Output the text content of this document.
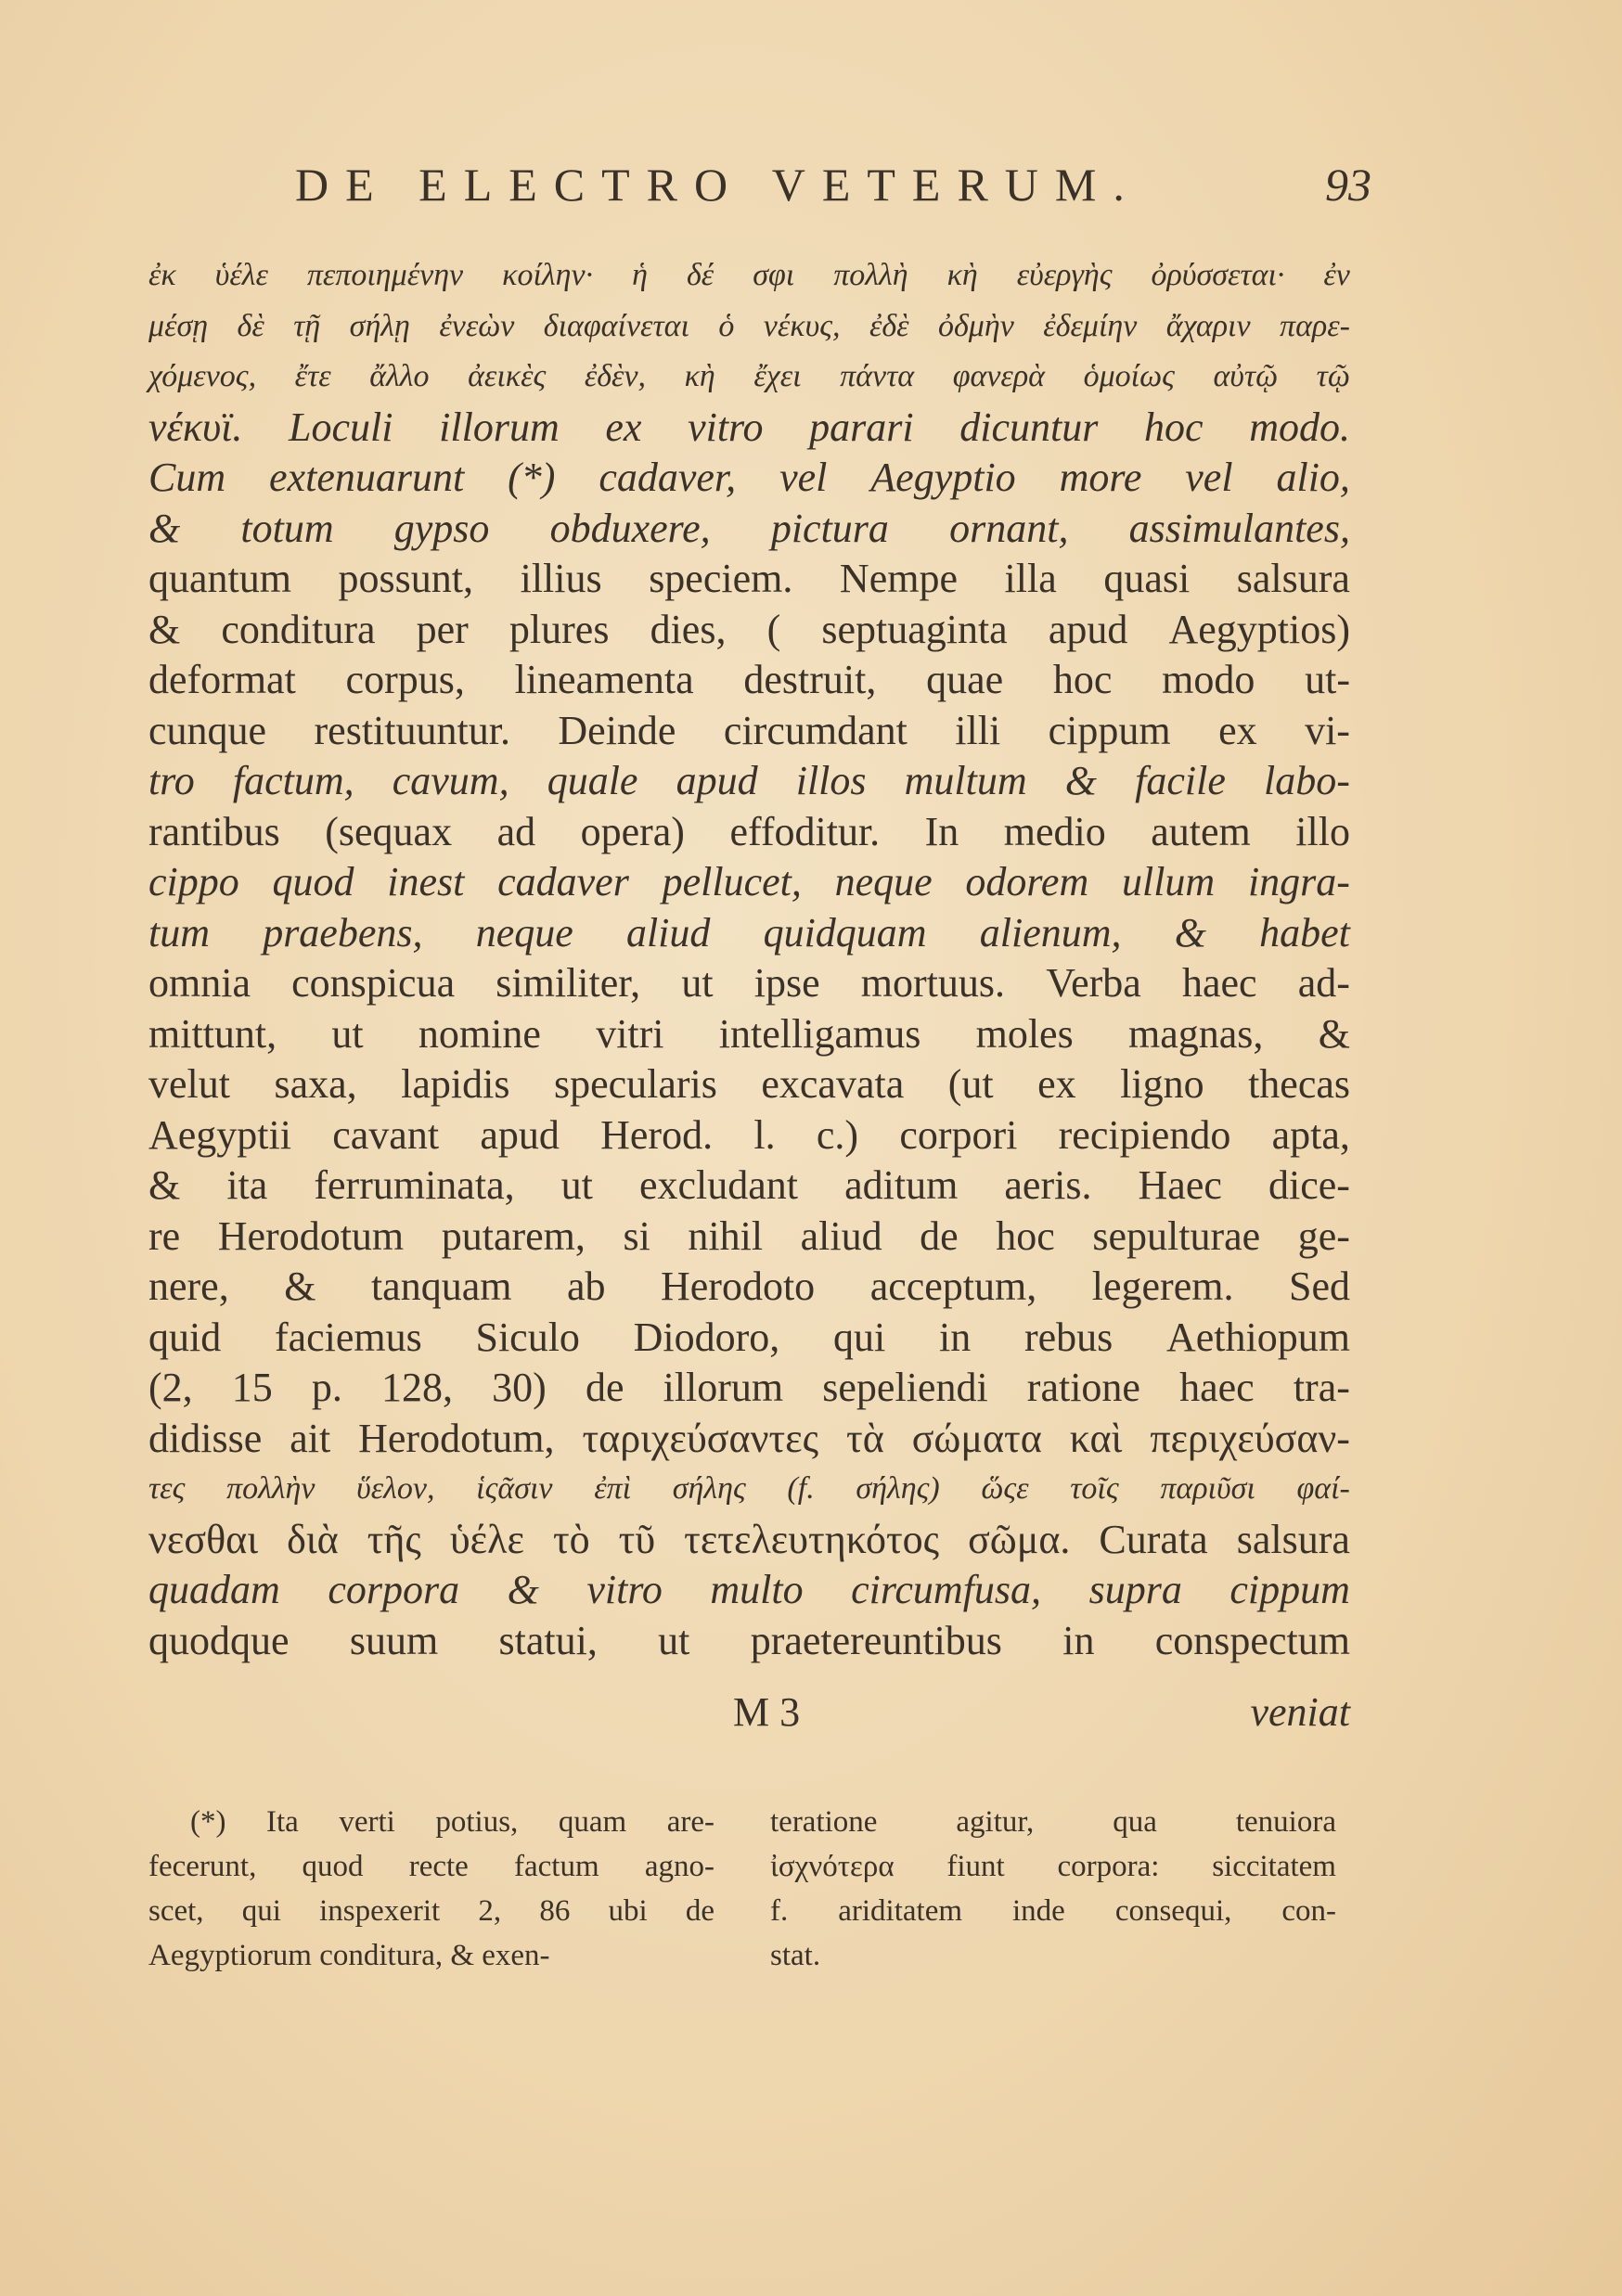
DE ELECTRO VETERUM.	93
ἐκ ὑέλε πεποιημένην κοίλην· ἡ δέ σφι πολλὴ κὴ εὐεργὴς ὀρύσσεται· ἐν
μέσῃ δὲ τῇ σήλῃ ἐνεὼν διαφαίνεται ὁ νέκυς, ἐδὲ ὀδμὴν ἐδεμίην ἄχαριν παρε-
χόμενος, ἔτε ἄλλο ἀεικὲς ἐδὲν, κὴ ἔχει πάντα φανερὰ ὁμοίως αὐτῷ τῷ
νέκυϊ. Loculi illorum ex vitro parari dicuntur hoc modo.
Cum extenuarunt (*) cadaver, vel Aegyptio more vel alio,
& totum gypso obduxere, pictura ornant, assimulantes,
quantum possunt, illius speciem. Nempe illa quasi salsura
& conditura per plures dies, ( septuaginta apud Aegyptios)
deformat corpus, lineamenta destruit, quae hoc modo ut-
cunque restituuntur. Deinde circumdant illi cippum ex vi-
tro factum, cavum, quale apud illos multum & facile labo-
rantibus (sequax ad opera) effoditur. In medio autem illo
cippo quod inest cadaver pellucet, neque odorem ullum ingra-
tum praebens, neque aliud quidquam alienum, & habet
omnia conspicua similiter, ut ipse mortuus. Verba haec ad-
mittunt, ut nomine vitri intelligamus moles magnas, &
velut saxa, lapidis specularis excavata (ut ex ligno thecas
Aegyptii cavant apud Herod. l. c.) corpori recipiendo apta,
& ita ferruminata, ut excludant aditum aeris. Haec dice-
re Herodotum putarem, si nihil aliud de hoc sepulturae ge-
nere, & tanquam ab Herodoto acceptum, legerem. Sed
quid faciemus Siculo Diodoro, qui in rebus Aethiopum
(2, 15 p. 128, 30) de illorum sepeliendi ratione haec tra-
didisse ait Herodotum, ταριχεύσαντες τὰ σώματα καὶ περιχεύσαν-
τες πολλὴν ὕελον, ἱςᾶσιν ἐπὶ σήλης (f. σήλης) ὥςε τοῖς παριῦσι φαί-
νεσθαι διὰ τῆς ὑέλε τὸ τῦ τετελευτηκότος σῶμα. Curata salsura
quadam corpora & vitro multo circumfusa, supra cippum
quodque suum statui, ut praetereuntibus in conspectum
M 3	veniat
(*) Ita verti potius, quam are-
fecerunt, quod recte factum agno-
scet, qui inspexerit 2, 86 ubi de
Aegyptiorum conditura, & exen-
teratione	agitur,	qua	tenuiora
ἰσχνότερα fiunt corpora: siccitatem
f. ariditatem inde consequi, con-
stat.
